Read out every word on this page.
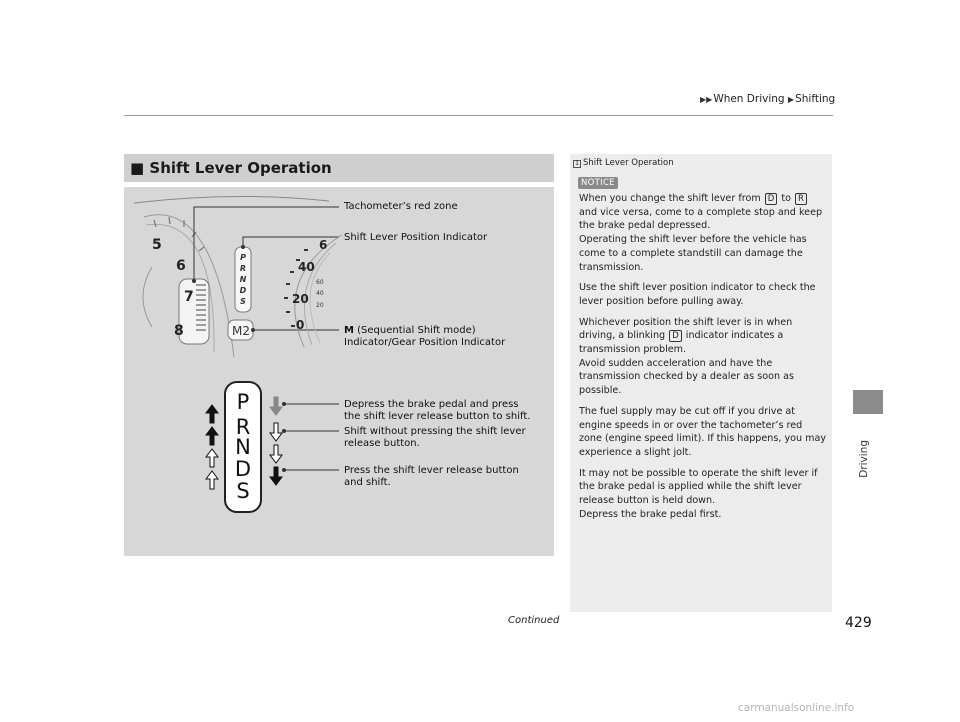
▶▶When Driving ▶Shifting
Driving
■ Shift Lever Operation
5
6
7
8
P
R
N
D
S
M2
6
40
20
0
60
40
20
P
R
N
D
S
Tachometer’s red zone
Shift Lever Position Indicator
M (Sequential Shift mode)
Indicator/Gear Position Indicator
Depress the brake pedal and press
the shift lever release button to shift.
Shift without pressing the shift lever
release button.
Press the shift lever release button
and shift.
1 Shift Lever Operation
NOTICE

When you change the shift lever from D to R and vice versa, come to a complete stop and keep the brake pedal depressed.
Operating the shift lever before the vehicle has come to a complete standstill can damage the transmission.

Use the shift lever position indicator to check the lever position before pulling away.

Whichever position the shift lever is in when driving, a blinking D indicator indicates a transmission problem.
Avoid sudden acceleration and have the transmission checked by a dealer as soon as possible.

The fuel supply may be cut off if you drive at engine speeds in or over the tachometer’s red zone (engine speed limit). If this happens, you may experience a slight jolt.

It may not be possible to operate the shift lever if the brake pedal is applied while the shift lever release button is held down.
Depress the brake pedal first.

Continued	429
carmanualsonline.info
